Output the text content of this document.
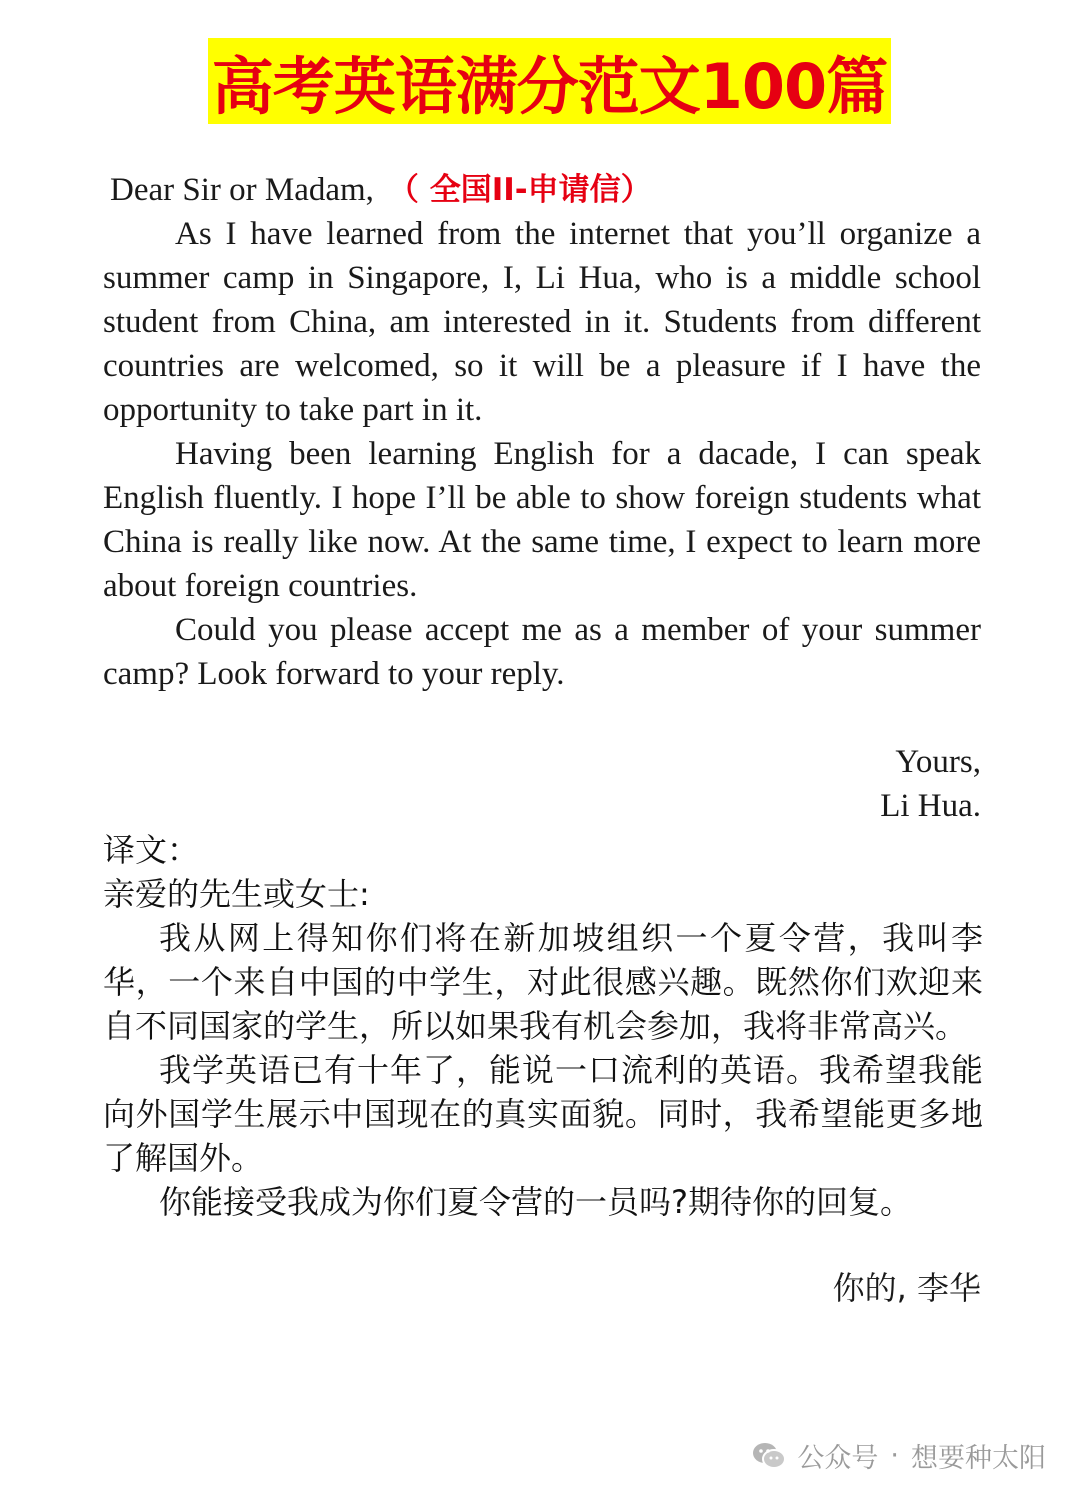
高考英语满分范文100篇
Dear Sir or Madam, （ 全国II-申请信）

As I have learned from the internet that you’ll organize a summer camp in Singapore, I, Li Hua, who is a middle school student from China, am interested in it. Students from different countries are welcomed, so it will be a pleasure if I have the opportunity to take part in it.

Having been learning English for a dacade, I can speak English fluently. I hope I’ll be able to show foreign students what China is really like now. At the same time, I expect to learn more about foreign countries.

Could you please accept me as a member of your summer camp? Look forward to your reply.

Yours,
Li Hua.
译文：
亲爱的先生或女士:

我从网上得知你们将在新加坡组织一个夏令营，我叫李华，一个来自中国的中学生，对此很感兴趣。既然你们欢迎来自不同国家的学生，所以如果我有机会参加，我将非常高兴。

我学英语已有十年了，能说一口流利的英语。我希望我能向外国学生展示中国现在的真实面貌。同时，我希望能更多地了解国外。

你能接受我成为你们夏令营的一员吗?期待你的回复。

你的, 李华
公众号 · 想要种太阳
